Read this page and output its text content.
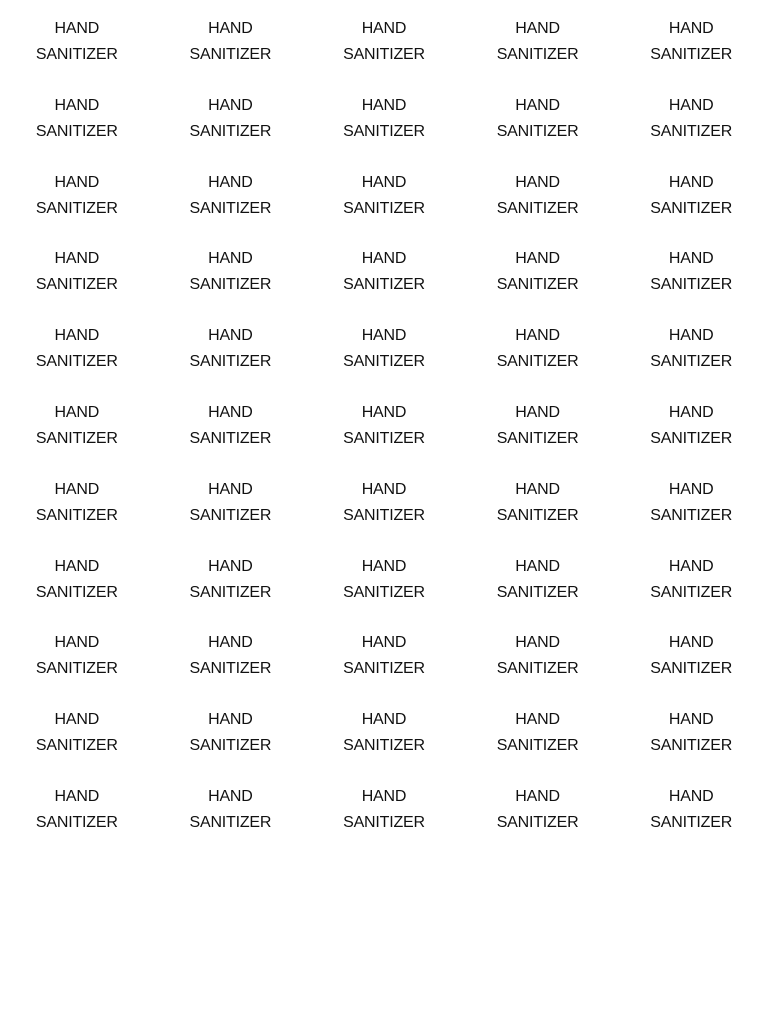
HAND
SANITIZER
HAND
SANITIZER
HAND
SANITIZER
HAND
SANITIZER
HAND
SANITIZER
HAND
SANITIZER
HAND
SANITIZER
HAND
SANITIZER
HAND
SANITIZER
HAND
SANITIZER
HAND
SANITIZER
HAND
SANITIZER
HAND
SANITIZER
HAND
SANITIZER
HAND
SANITIZER
HAND
SANITIZER
HAND
SANITIZER
HAND
SANITIZER
HAND
SANITIZER
HAND
SANITIZER
HAND
SANITIZER
HAND
SANITIZER
HAND
SANITIZER
HAND
SANITIZER
HAND
SANITIZER
HAND
SANITIZER
HAND
SANITIZER
HAND
SANITIZER
HAND
SANITIZER
HAND
SANITIZER
HAND
SANITIZER
HAND
SANITIZER
HAND
SANITIZER
HAND
SANITIZER
HAND
SANITIZER
HAND
SANITIZER
HAND
SANITIZER
HAND
SANITIZER
HAND
SANITIZER
HAND
SANITIZER
HAND
SANITIZER
HAND
SANITIZER
HAND
SANITIZER
HAND
SANITIZER
HAND
SANITIZER
HAND
SANITIZER
HAND
SANITIZER
HAND
SANITIZER
HAND
SANITIZER
HAND
SANITIZER
HAND
SANITIZER
HAND
SANITIZER
HAND
SANITIZER
HAND
SANITIZER
HAND
SANITIZER
